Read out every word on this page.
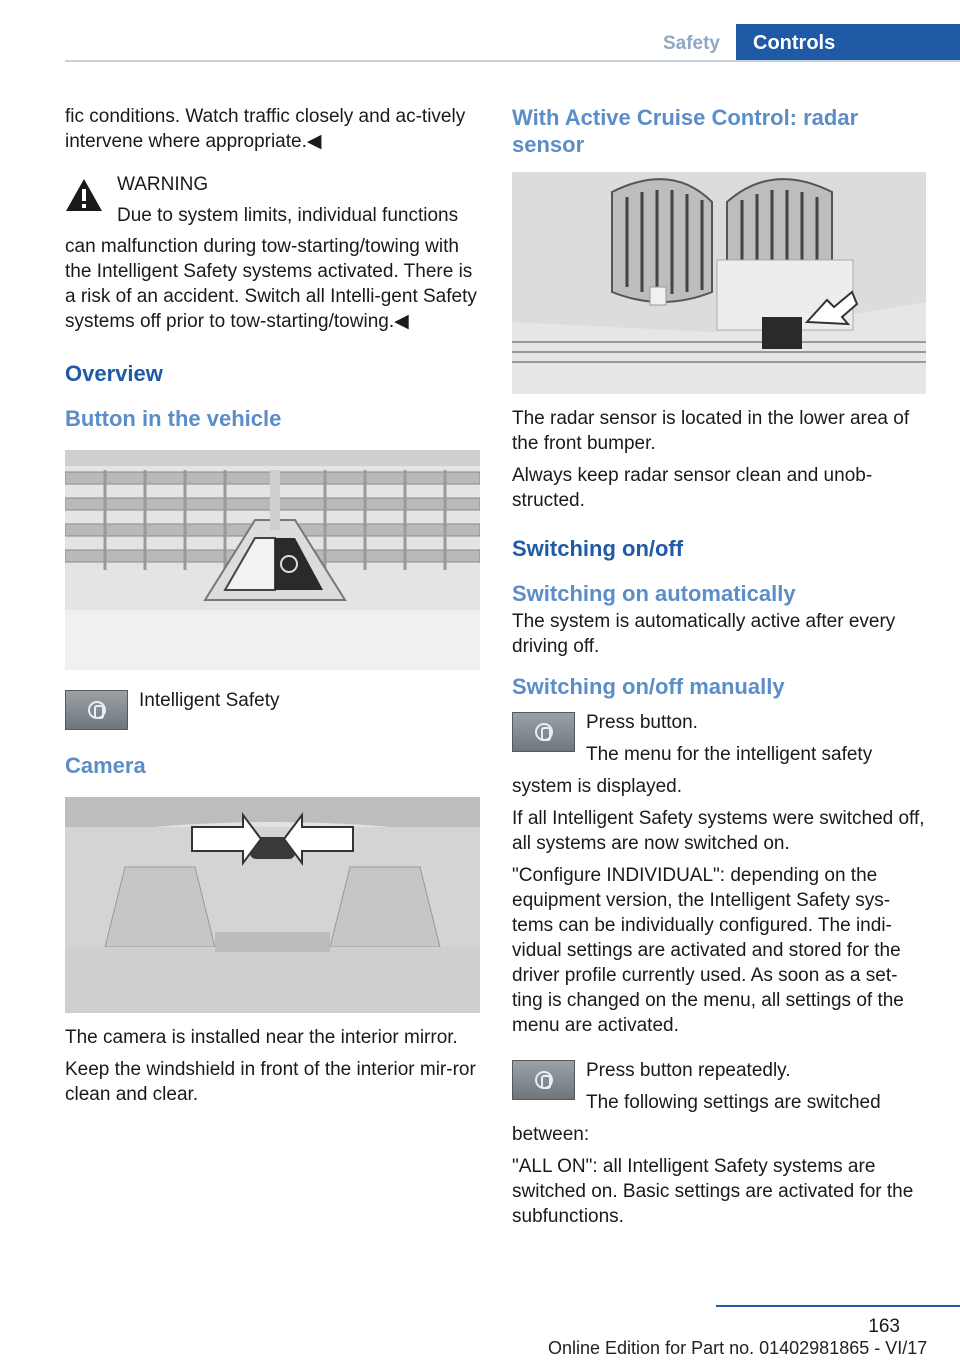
Safety	Controls

fic conditions. Watch traffic closely and ac‐tively intervene where appropriate.◀

WARNING

Due to system limits, individual functions

can malfunction during tow-starting/towing with the Intelligent Safety systems activated. There is a risk of an accident. Switch all Intelli‐gent Safety systems off prior to tow-starting/towing.◀

Overview
Button in the vehicle

Intelligent Safety

Camera

The camera is installed near the interior mirror.

Keep the windshield in front of the interior mir‐ror clean and clear.

With Active Cruise Control: radar sensor

The radar sensor is located in the lower area of the front bumper.

Always keep radar sensor clean and unob‐structed.

Switching on/off
Switching on automatically

The system is automatically active after every driving off.

Switching on/off manually

Press button.

The menu for the intelligent safety

system is displayed.

If all Intelligent Safety systems were switched off, all systems are now switched on.

"Configure INDIVIDUAL": depending on the equipment version, the Intelligent Safety sys‐tems can be individually configured. The indi‐vidual settings are activated and stored for the driver profile currently used. As soon as a set‐ting is changed on the menu, all settings of the menu are activated.

Press button repeatedly.

The following settings are switched

between:

"ALL ON": all Intelligent Safety systems are switched on. Basic settings are activated for the subfunctions.

163
Online Edition for Part no. 01402981865 - VI/17
